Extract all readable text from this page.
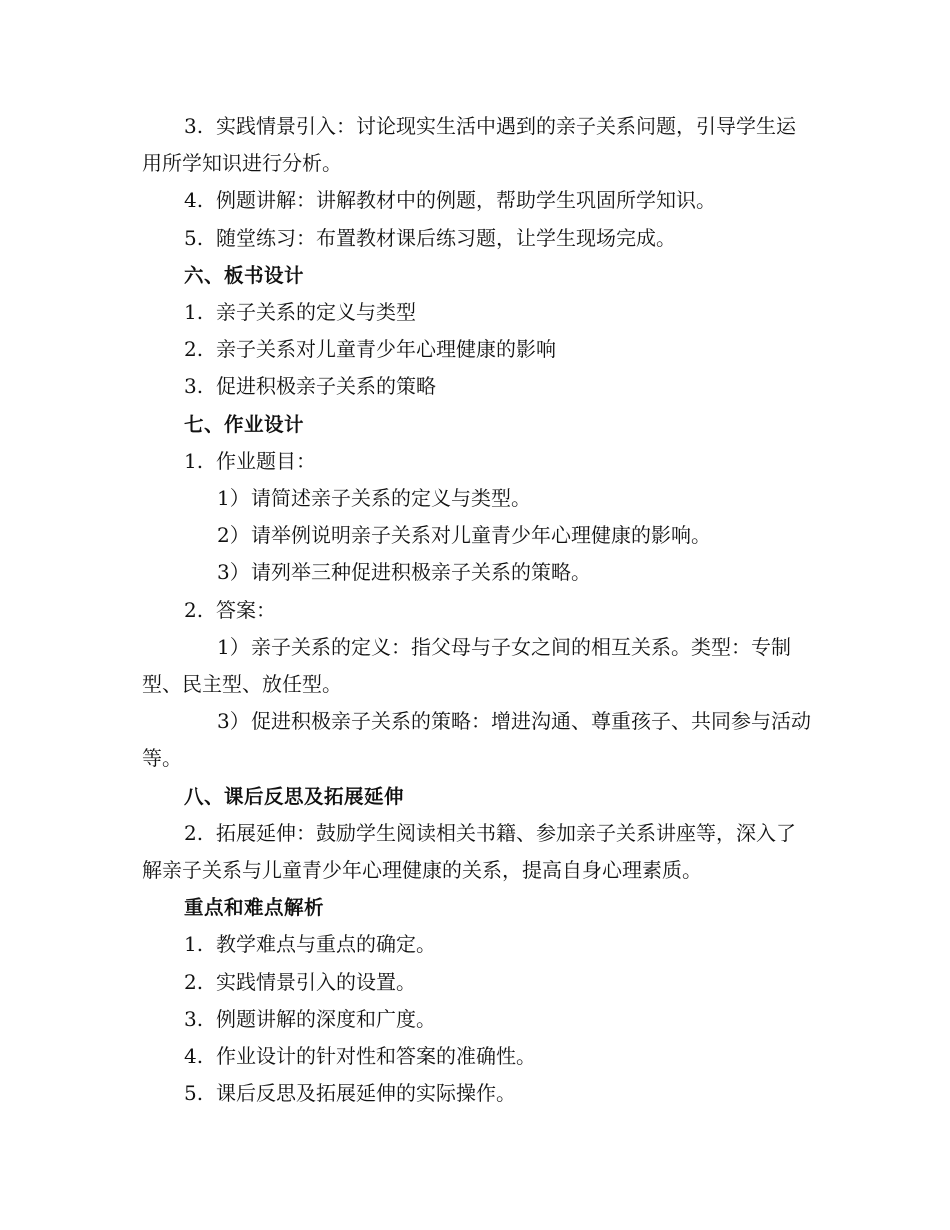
3. 实践情景引入：讨论现实生活中遇到的亲子关系问题，引导学生运用所学知识进行分析。

4. 例题讲解：讲解教材中的例题，帮助学生巩固所学知识。

5. 随堂练习：布置教材课后练习题，让学生现场完成。

六、板书设计

1. 亲子关系的定义与类型

2. 亲子关系对儿童青少年心理健康的影响

3. 促进积极亲子关系的策略

七、作业设计

1. 作业题目：

1）请简述亲子关系的定义与类型。

2）请举例说明亲子关系对儿童青少年心理健康的影响。

3）请列举三种促进积极亲子关系的策略。

2. 答案：

1）亲子关系的定义：指父母与子女之间的相互关系。类型：专制型、民主型、放任型。

3）促进积极亲子关系的策略：增进沟通、尊重孩子、共同参与活动等。

八、课后反思及拓展延伸

2. 拓展延伸：鼓励学生阅读相关书籍、参加亲子关系讲座等，深入了解亲子关系与儿童青少年心理健康的关系，提高自身心理素质。

重点和难点解析

1. 教学难点与重点的确定。

2. 实践情景引入的设置。

3. 例题讲解的深度和广度。

4. 作业设计的针对性和答案的准确性。

5. 课后反思及拓展延伸的实际操作。
